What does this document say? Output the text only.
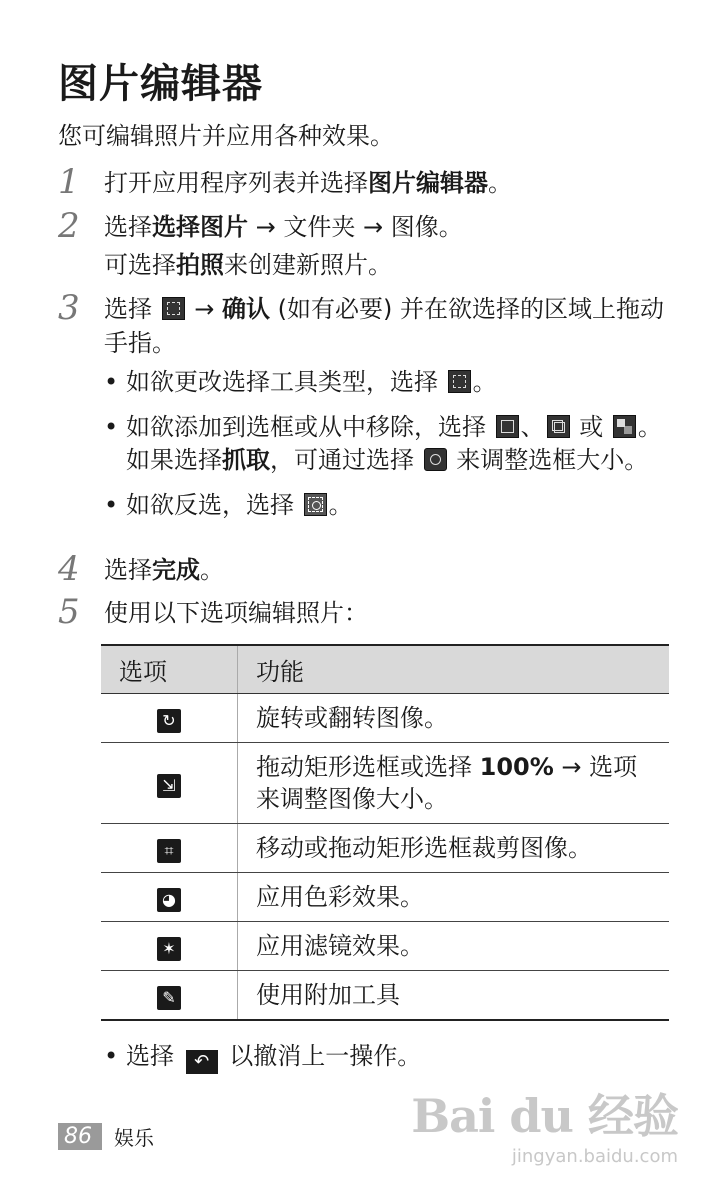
图片编辑器
您可编辑照片并应用各种效果。
1	打开应用程序列表并选择图片编辑器。
2	选择选择图片 → 文件夹 → 图像。
可选择拍照来创建新照片。
3	选择  → 确认 (如有必要) 并在欲选择的区域上拖动手指。
• 如欲更改选择工具类型，选择 。
• 如欲添加到选框或从中移除，选择 、 或 。如果选择抓取，可通过选择  来调整选框大小。
• 如欲反选，选择 。
4	选择完成。
5	使用以下选项编辑照片：
选项	功能
↻	旋转或翻转图像。
⇲	拖动矩形选框或选择 100% → 选项来调整图像大小。
⌗	移动或拖动矩形选框裁剪图像。
◕	应用色彩效果。
✶	应用滤镜效果。
✎	使用附加工具
• 选择 ↶ 以撤消上一操作。
86	娱乐	Bai du 经验
jingyan.baidu.com
